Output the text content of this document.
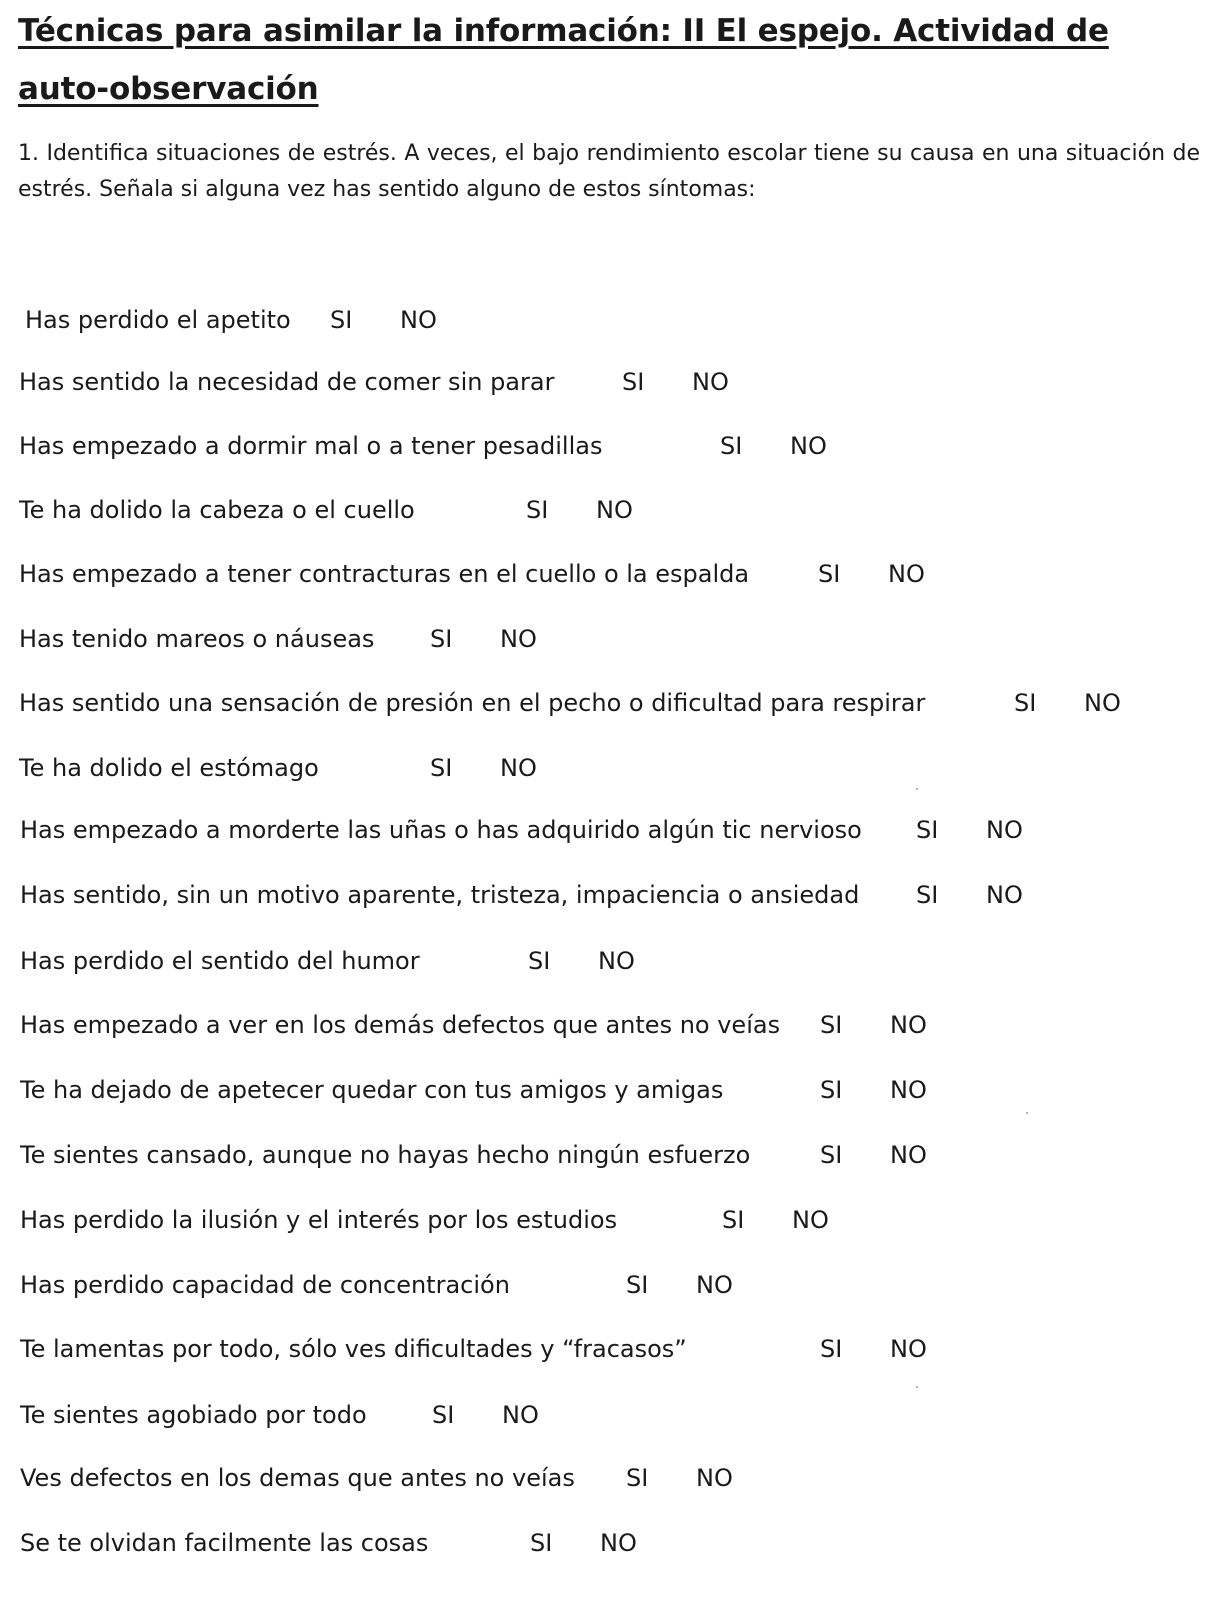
Técnicas para asimilar la información: II El espejo. Actividad de auto-observación

1. Identifica situaciones de estrés. A veces, el bajo rendimiento escolar tiene su causa en una situación de estrés. Señala si alguna vez has sentido alguno de estos síntomas:

Has perdido el apetito SI NO
Has sentido la necesidad de comer sin parar	SI NO
Has empezado a dormir mal o a tener pesadillas	SI NO
Te ha dolido la cabeza o el cuello	SI NO
Has empezado a tener contracturas en el cuello o la espalda	SI NO
Has tenido mareos o náuseas SI NO
Has sentido una sensación de presión en el pecho o dificultad para respirar	SI NO
Te ha dolido el estómago	SI NO
Has empezado a morderte las uñas o has adquirido algún tic nervioso SI NO
Has sentido, sin un motivo aparente, tristeza, impaciencia o ansiedad SI NO
Has perdido el sentido del humor	SI NO
Has empezado a ver en los demás defectos que antes no veías SI NO
Te ha dejado de apetecer quedar con tus amigos y amigas	SI NO
Te sientes cansado, aunque no hayas hecho ningún esfuerzo	SI NO
Has perdido la ilusión y el interés por los estudios	SI NO
Has perdido capacidad de concentración	SI NO
Te lamentas por todo, sólo ves dificultades y “fracasos”	SI NO
Te sientes agobiado por todo	SI NO
Ves defectos en los demas que antes no veías SI NO
Se te olvidan facilmente las cosas	SI NO
